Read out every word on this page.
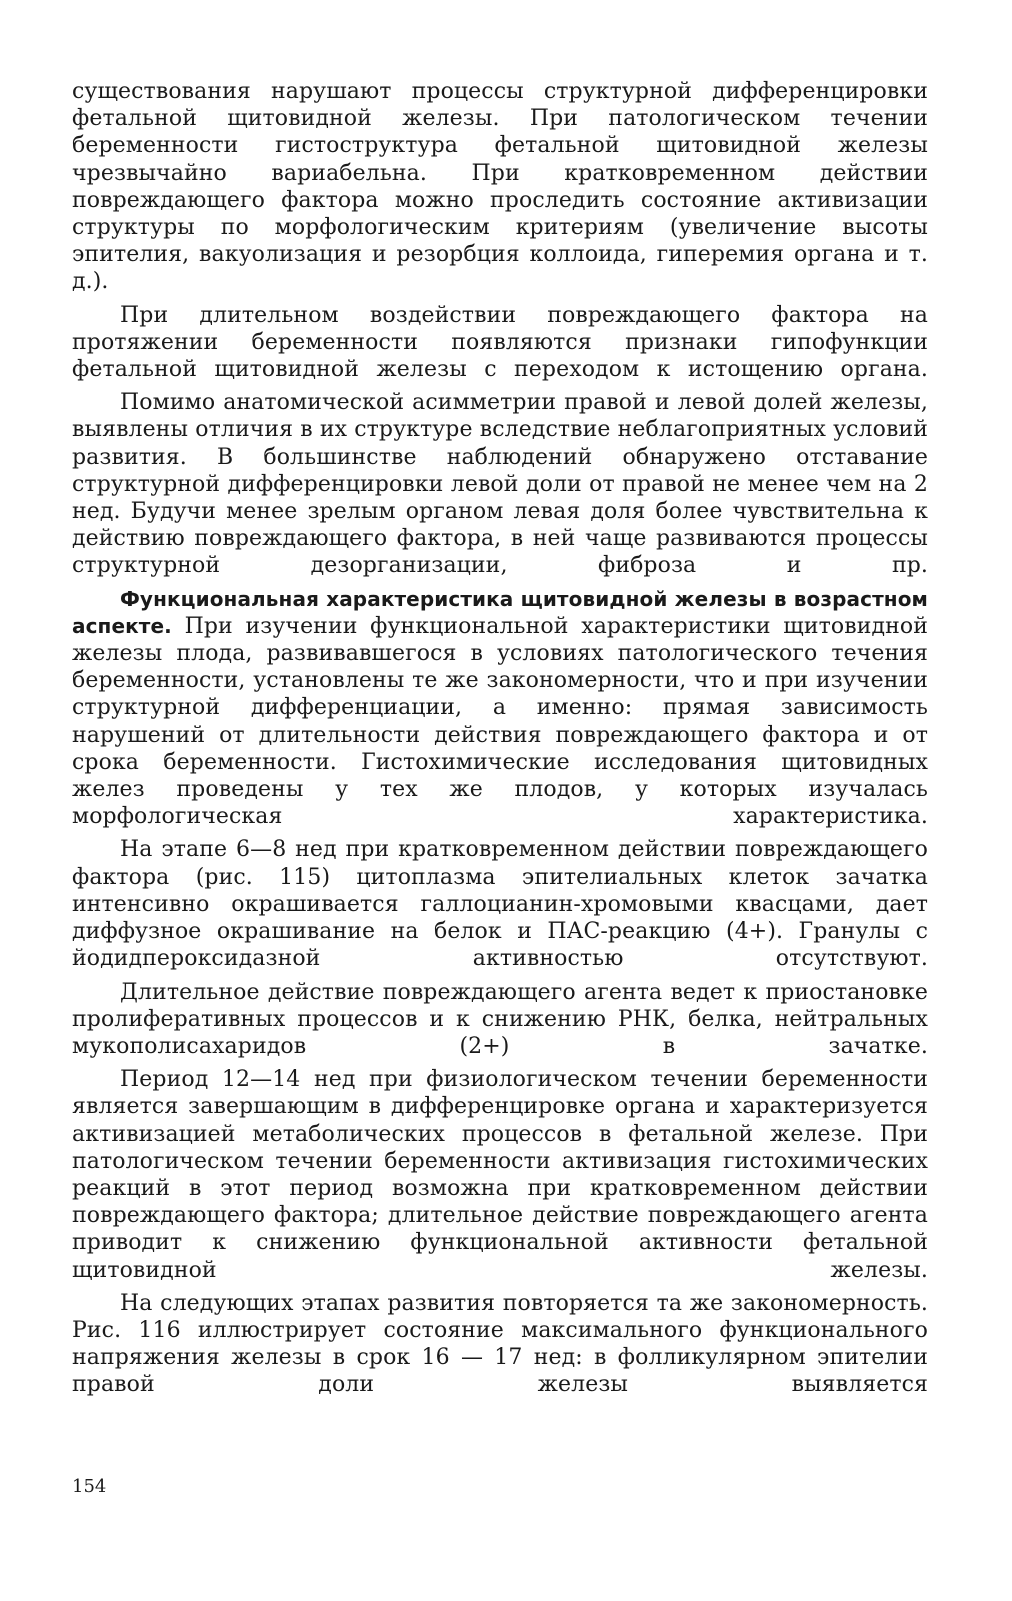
существования нарушают процессы структурной дифференцировки фетальной щитовидной железы. При патологическом течении беременности гистоструктура фетальной щитовидной железы чрезвычайно вариабельна. При кратковременном действии повреждающего фактора можно проследить состояние активизации структуры по морфологическим критериям (увеличение высоты эпителия, вакуолизация и резорбция коллоида, гиперемия органа и т. д.).

При длительном воздействии повреждающего фактора на протяжении беременности появляются признаки гипофункции фетальной щитовидной железы с переходом к истощению органа.

Помимо анатомической асимметрии правой и левой долей железы, выявлены отличия в их структуре вследствие неблагоприятных условий развития. В большинстве наблюдений обнаружено отставание структурной дифференцировки левой доли от правой не менее чем на 2 нед. Будучи менее зрелым органом левая доля более чувствительна к действию повреждающего фактора, в ней чаще развиваются процессы структурной дезорганизации, фиброза и пр.

Функциональная характеристика щитовидной железы в возрастном аспекте. При изучении функциональной характеристики щитовидной железы плода, развивавшегося в условиях патологического течения беременности, установлены те же закономерности, что и при изучении структурной дифференциации, а именно: прямая зависимость нарушений от длительности действия повреждающего фактора и от срока беременности. Гистохимические исследования щитовидных желез проведены у тех же плодов, у которых изучалась морфологическая характеристика.

На этапе 6—8 нед при кратковременном действии повреждающего фактора (рис. 115) цитоплазма эпителиальных клеток зачатка интенсивно окрашивается галлоцианин-хромовыми квасцами, дает диффузное окрашивание на белок и ПАС-реакцию (4+). Гранулы с йодидпероксидазной активностью отсутствуют.

Длительное действие повреждающего агента ведет к приостановке пролиферативных процессов и к снижению РНК, белка, нейтральных мукополисахаридов (2+) в зачатке.

Период 12—14 нед при физиологическом течении беременности является завершающим в дифференцировке органа и характеризуется активизацией метаболических процессов в фетальной железе. При патологическом течении беременности активизация гистохимических реакций в этот период возможна при кратковременном действии повреждающего фактора; длительное действие повреждающего агента приводит к снижению функциональной активности фетальной щитовидной железы.

На следующих этапах развития повторяется та же закономерность. Рис. 116 иллюстрирует состояние максимального функционального напряжения железы в срок 16 — 17 нед: в фолликулярном эпителии правой доли железы выявляется

154
